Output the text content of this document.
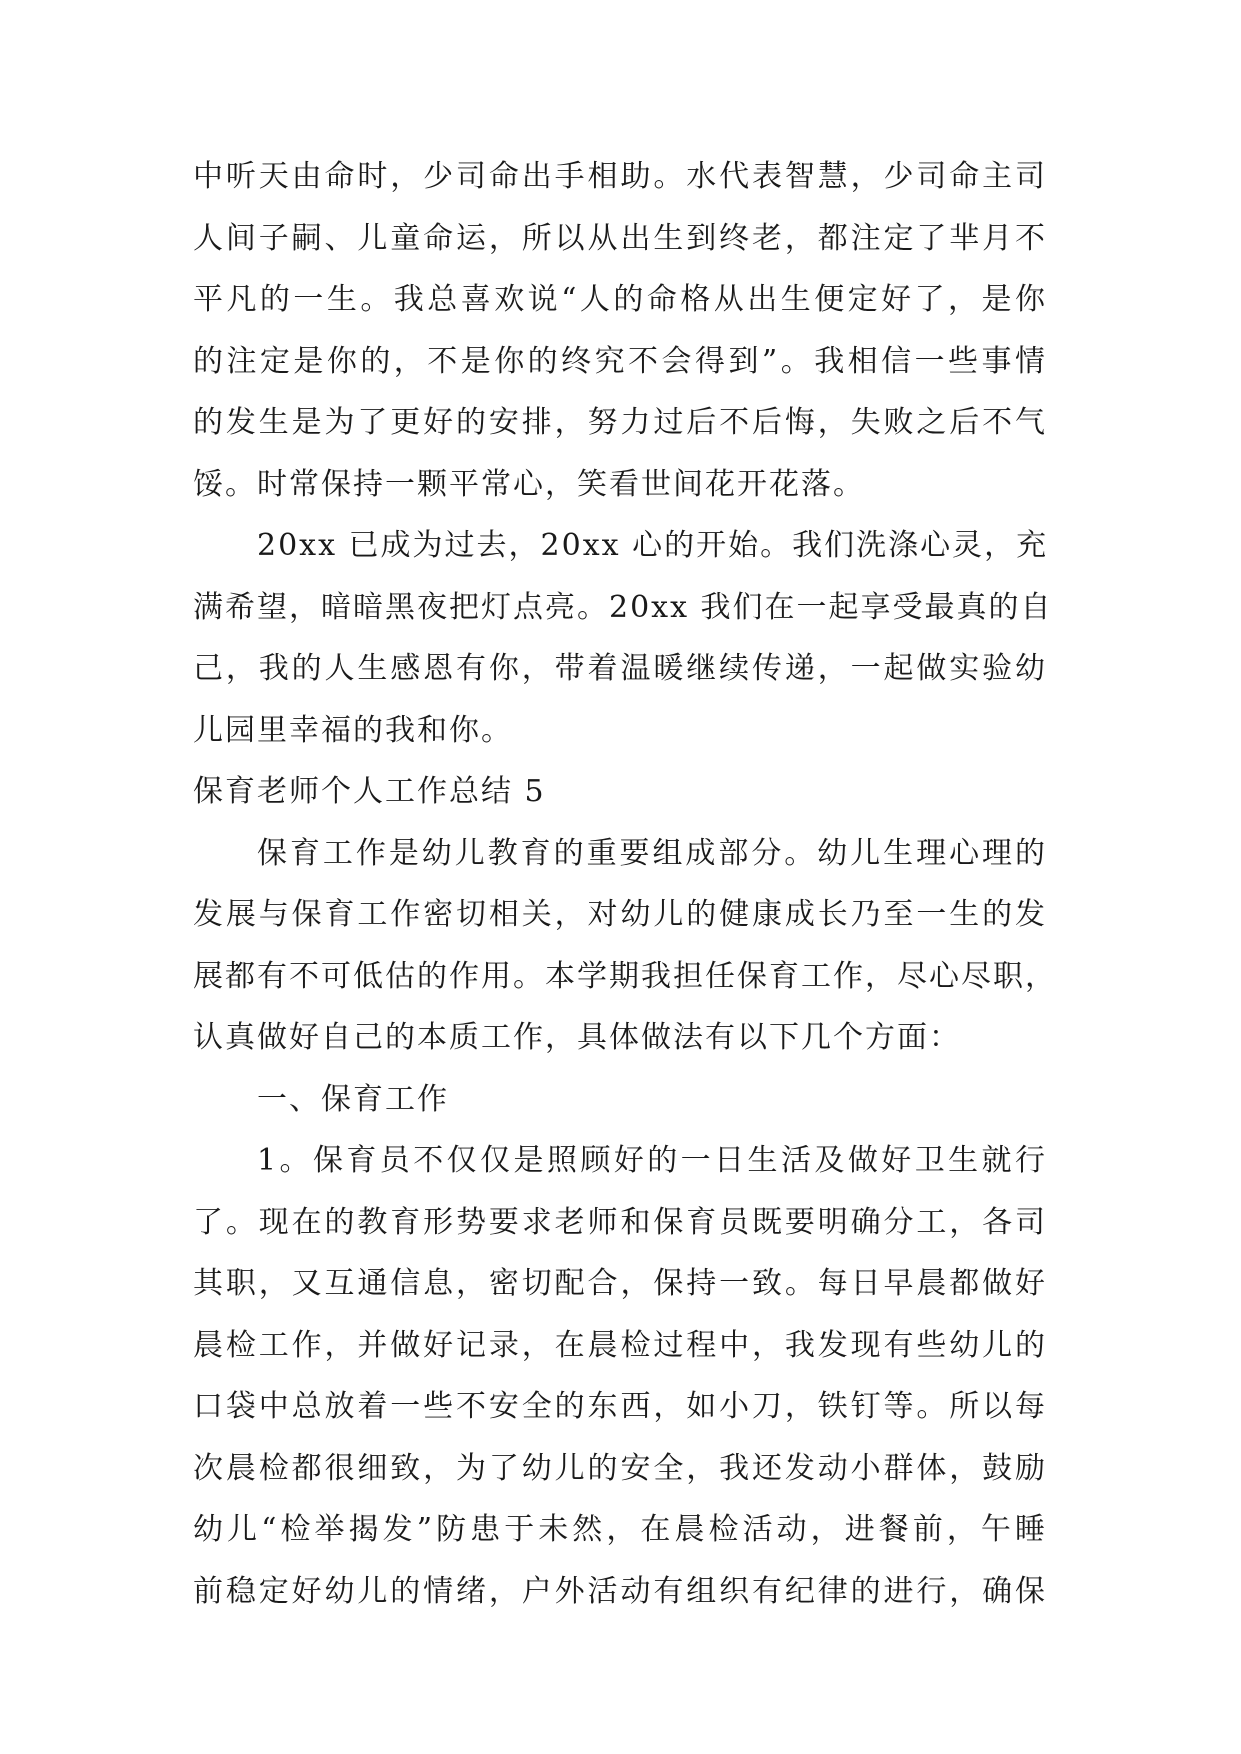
中听天由命时，少司命出手相助。水代表智慧，少司命主司
人间子嗣、儿童命运，所以从出生到终老，都注定了芈月不
平凡的一生。我总喜欢说“人的命格从出生便定好了，是你
的注定是你的，不是你的终究不会得到”。我相信一些事情
的发生是为了更好的安排，努力过后不后悔，失败之后不气
馁。时常保持一颗平常心，笑看世间花开花落。
20xx 已成为过去，20xx 心的开始。我们洗涤心灵，充
满希望，暗暗黑夜把灯点亮。20xx 我们在一起享受最真的自
己，我的人生感恩有你，带着温暖继续传递，一起做实验幼
儿园里幸福的我和你。
保育老师个人工作总结 5
保育工作是幼儿教育的重要组成部分。幼儿生理心理的
发展与保育工作密切相关，对幼儿的健康成长乃至一生的发
展都有不可低估的作用。本学期我担任保育工作，尽心尽职，
认真做好自己的本质工作，具体做法有以下几个方面：
一、保育工作
1。保育员不仅仅是照顾好的一日生活及做好卫生就行
了。现在的教育形势要求老师和保育员既要明确分工，各司
其职，又互通信息，密切配合，保持一致。每日早晨都做好
晨检工作，并做好记录，在晨检过程中，我发现有些幼儿的
口袋中总放着一些不安全的东西，如小刀，铁钉等。所以每
次晨检都很细致，为了幼儿的安全，我还发动小群体，鼓励
幼儿“检举揭发”防患于未然，在晨检活动，进餐前，午睡
前稳定好幼儿的情绪，户外活动有组织有纪律的进行，确保
